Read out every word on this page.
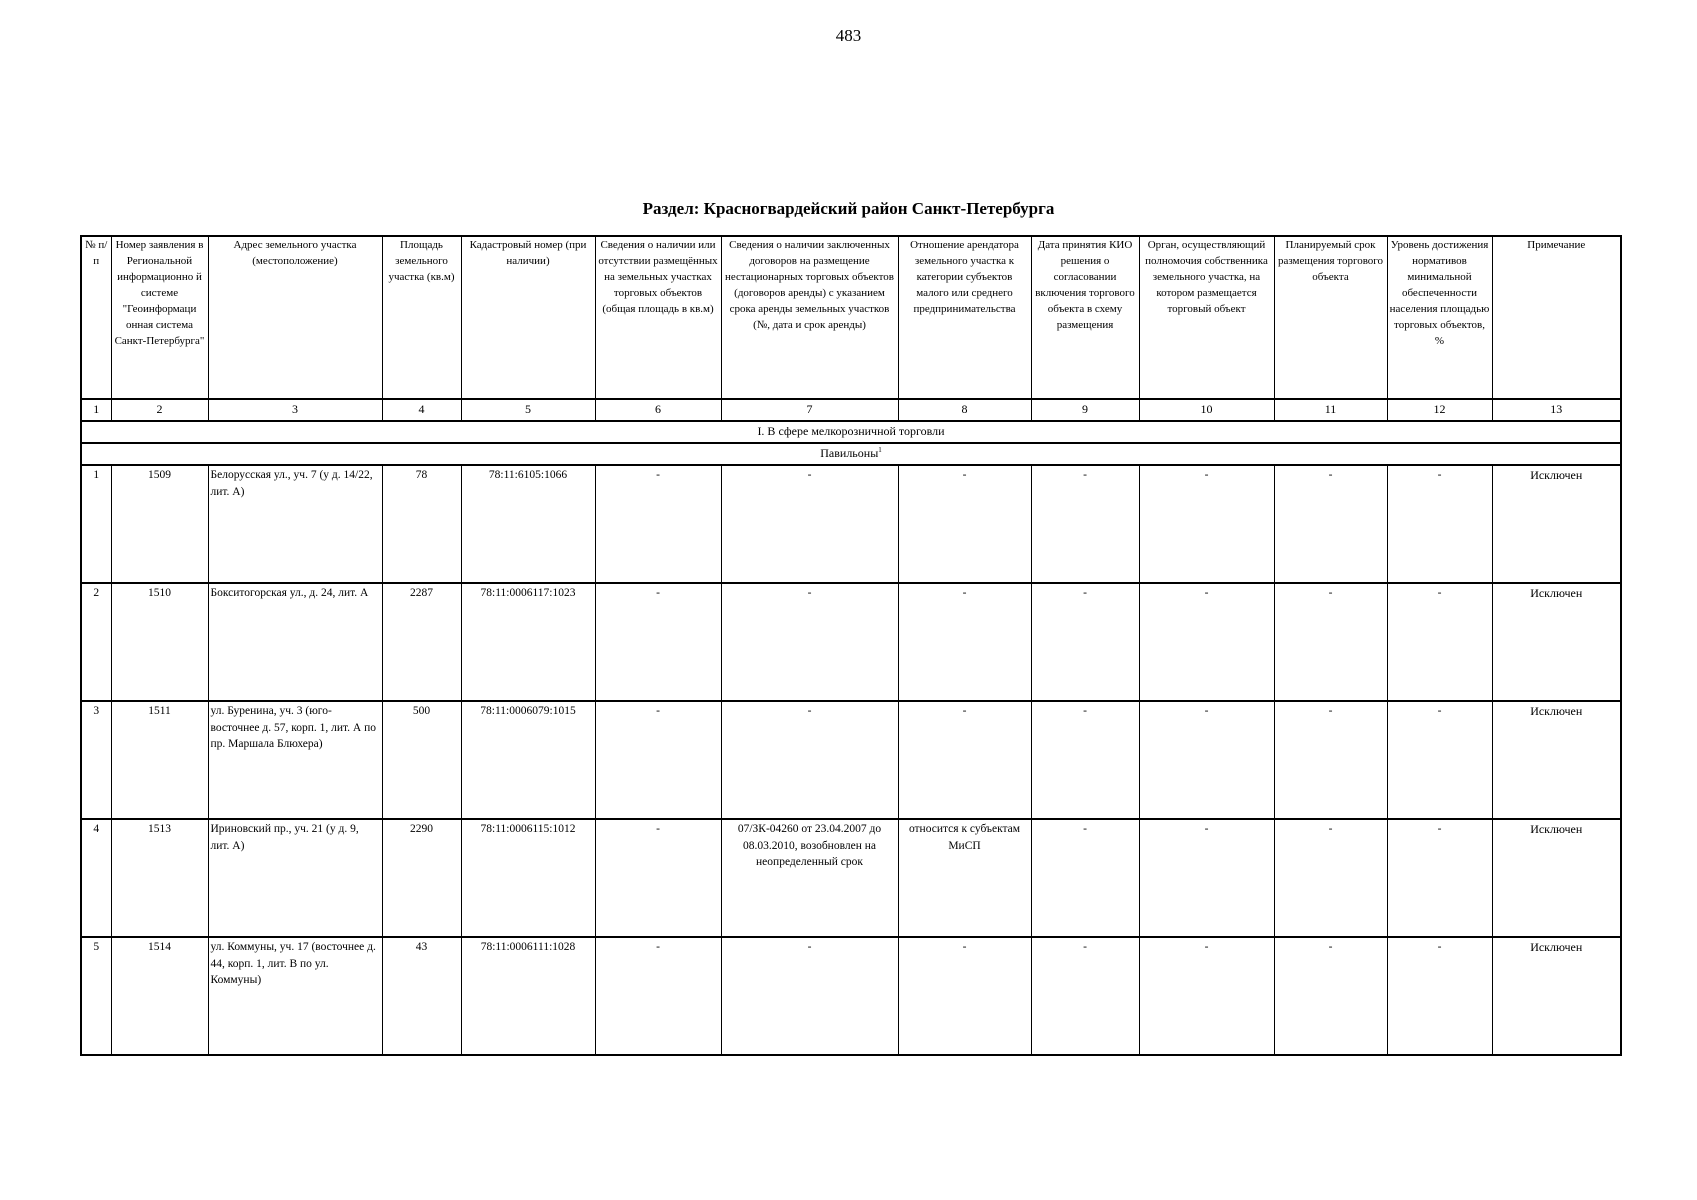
483
Раздел: Красногвардейский район Санкт-Петербурга
№ п/п	Номер заявления в Региональной информационно й системе "Геоинформаци онная система Санкт-Петербурга"	Адрес земельного участка (местоположение)	Площадь земельного участка (кв.м)	Кадастровый номер (при наличии)	Сведения о наличии или отсутствии размещённых на земельных участках торговых объектов (общая площадь в кв.м)	Сведения о наличии заключенных договоров на размещение нестационарных торговых объектов (договоров аренды) с указанием срока аренды земельных участков (№, дата и срок аренды)	Отношение арендатора земельного участка к категории субъектов малого или среднего предпринимательства	Дата принятия КИО решения о согласовании включения торгового объекта в схему размещения	Орган, осуществляющий полномочия собственника земельного участка, на котором размещается торговый объект	Планируемый срок размещения торгового объекта	Уровень достижения нормативов минимальной обеспеченности населения площадью торговых объектов, %	Примечание
1	2	3	4	5	6	7	8	9	10	11	12	13
I. В сфере мелкорозничной торговли												
Павильоны$^1$
1	1509	Белорусская ул., уч. 7 (у д. 14/22, лит. А)	78	78:11:6105:1066	-	-	-	-	-	-	-	Исключен
2	1510	Бокситогорская ул., д. 24, лит. А	2287	78:11:0006117:1023	-	-	-	-	-	-	-	Исключен
3	1511	ул. Буренина, уч. 3 (юго-восточнее д. 57, корп. 1, лит. А по пр. Маршала Блюхера)	500	78:11:0006079:1015	-	-	-	-	-	-	-	Исключен
4	1513	Ириновский пр., уч. 21 (у д. 9, лит. А)	2290	78:11:0006115:1012	-	07/ЗК-04260 от 23.04.2007 до 08.03.2010, возобновлен на неопределенный срок	относится к субъектам МиСП	-	-	-	-	Исключен
5	1514	ул. Коммуны, уч. 17 (восточнее д. 44, корп. 1, лит. В по ул. Коммуны)	43	78:11:0006111:1028	-	-	-	-	-	-	-	Исключен
